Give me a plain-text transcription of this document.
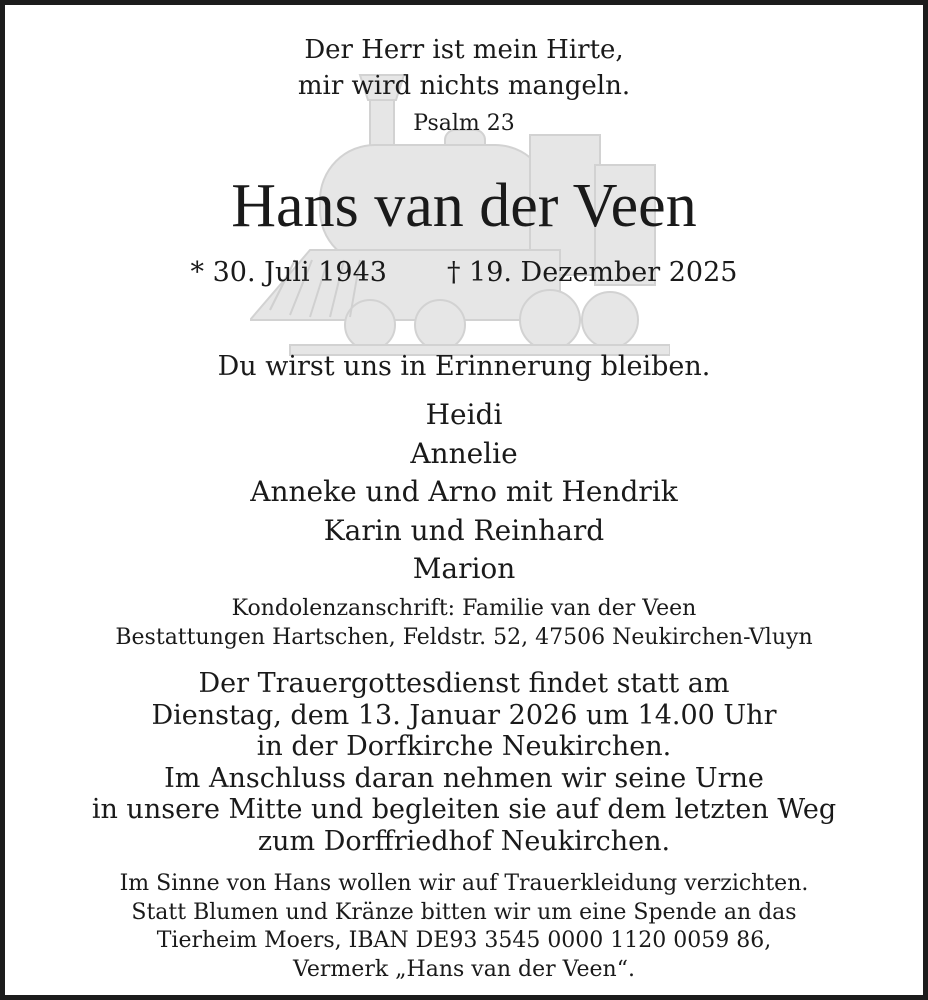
Der Herr ist mein Hirte,
mir wird nichts mangeln.
Psalm 23
Hans van der Veen
* 30. Juli 1943 † 19. Dezember 2025
Du wirst uns in Erinnerung bleiben.
Heidi
Annelie
Anneke und Arno mit Hendrik
Karin und Reinhard
Marion
Kondolenzanschrift: Familie van der Veen
Bestattungen Hartschen, Feldstr. 52, 47506 Neukirchen-Vluyn
Der Trauergottesdienst findet statt am
Dienstag, dem 13. Januar 2026 um 14.00 Uhr
in der Dorfkirche Neukirchen.
Im Anschluss daran nehmen wir seine Urne
in unsere Mitte und begleiten sie auf dem letzten Weg
zum Dorffriedhof Neukirchen.
Im Sinne von Hans wollen wir auf Trauerkleidung verzichten.
Statt Blumen und Kränze bitten wir um eine Spende an das
Tierheim Moers, IBAN DE93 3545 0000 1120 0059 86,
Vermerk „Hans van der Veen“.
